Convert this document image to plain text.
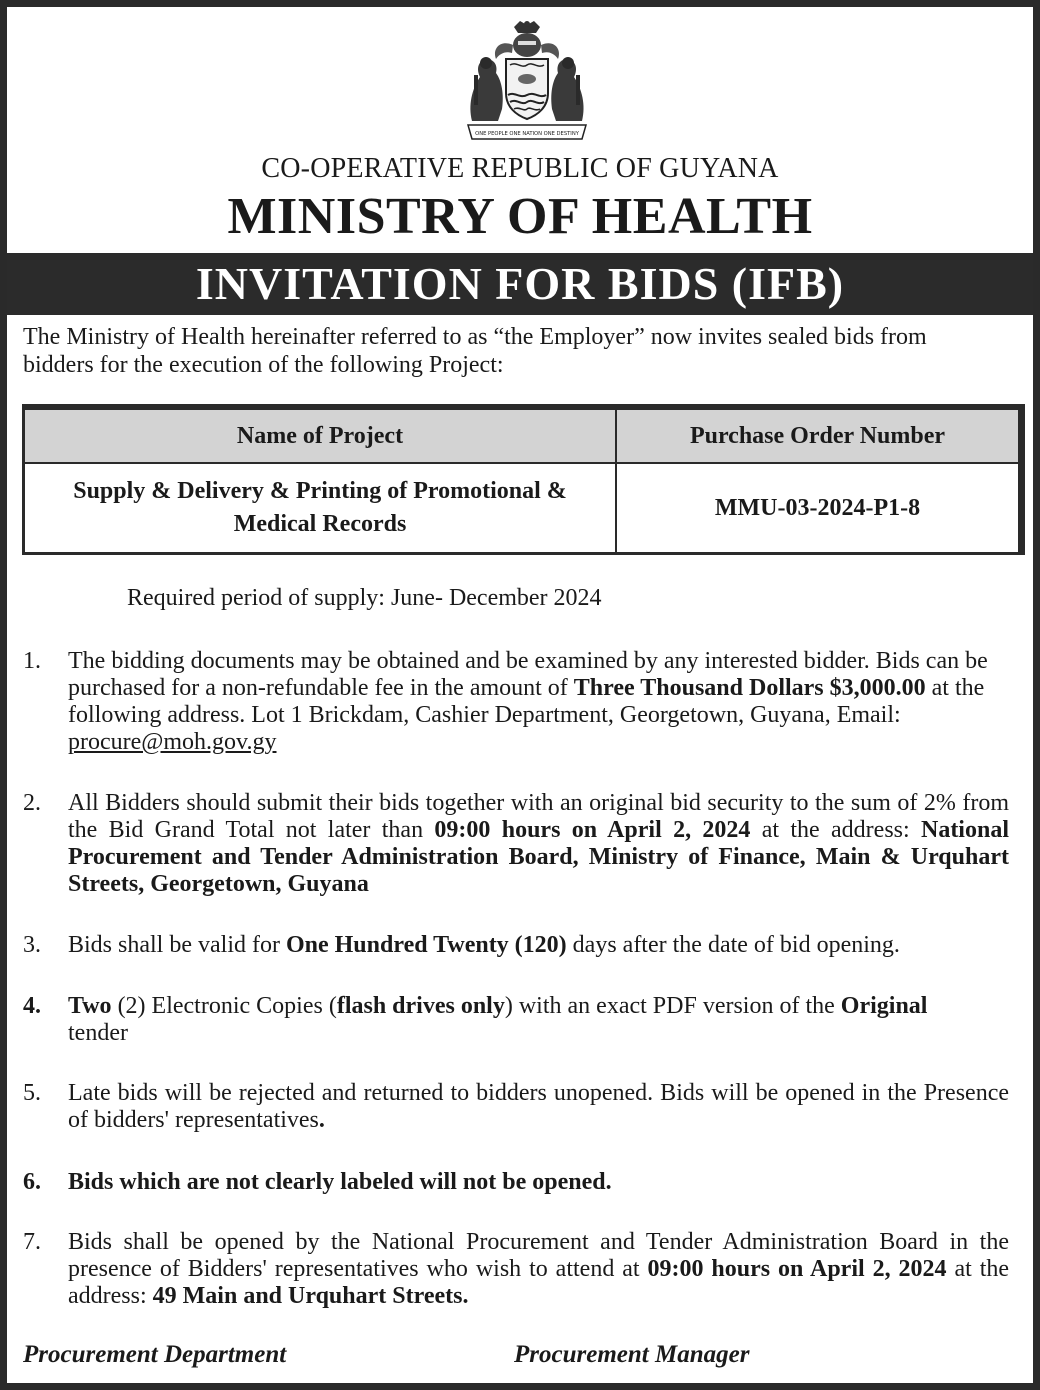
ONE PEOPLE ONE NATION ONE DESTINY
CO-OPERATIVE REPUBLIC OF GUYANA
MINISTRY OF HEALTH
INVITATION FOR BIDS (IFB)
The Ministry of Health hereinafter referred to as “the Employer” now invites sealed bids from bidders for the execution of the following Project:
Name of Project	Purchase Order Number
Supply & Delivery & Printing of Promotional &
Medical Records	MMU-03-2024-P1-8
Required period of supply: June- December 2024
1.	The bidding documents may be obtained and be examined by any interested bidder. Bids can be purchased for a non-refundable fee in the amount of Three Thousand Dollars $3,000.00 at the following address. Lot 1 Brickdam, Cashier Department, Georgetown, Guyana, Email: procure@moh.gov.gy
2.	All Bidders should submit their bids together with an original bid security to the sum of 2% from the Bid Grand Total not later than 09:00 hours on April 2, 2024 at the address: National Procurement and Tender Administration Board, Ministry of Finance, Main & Urquhart Streets, Georgetown, Guyana
3.	Bids shall be valid for One Hundred Twenty (120) days after the date of bid opening.
4.	Two (2) Electronic Copies (flash drives only) with an exact PDF version of the Original
tender
5.	Late bids will be rejected and returned to bidders unopened. Bids will be opened in the Presence of bidders' representatives.
6.	Bids which are not clearly labeled will not be opened.
7.	Bids shall be opened by the National Procurement and Tender Administration Board in the presence of Bidders' representatives who wish to attend at 09:00 hours on April 2, 2024 at the address: 49 Main and Urquhart Streets.
Procurement Department	Procurement Manager
